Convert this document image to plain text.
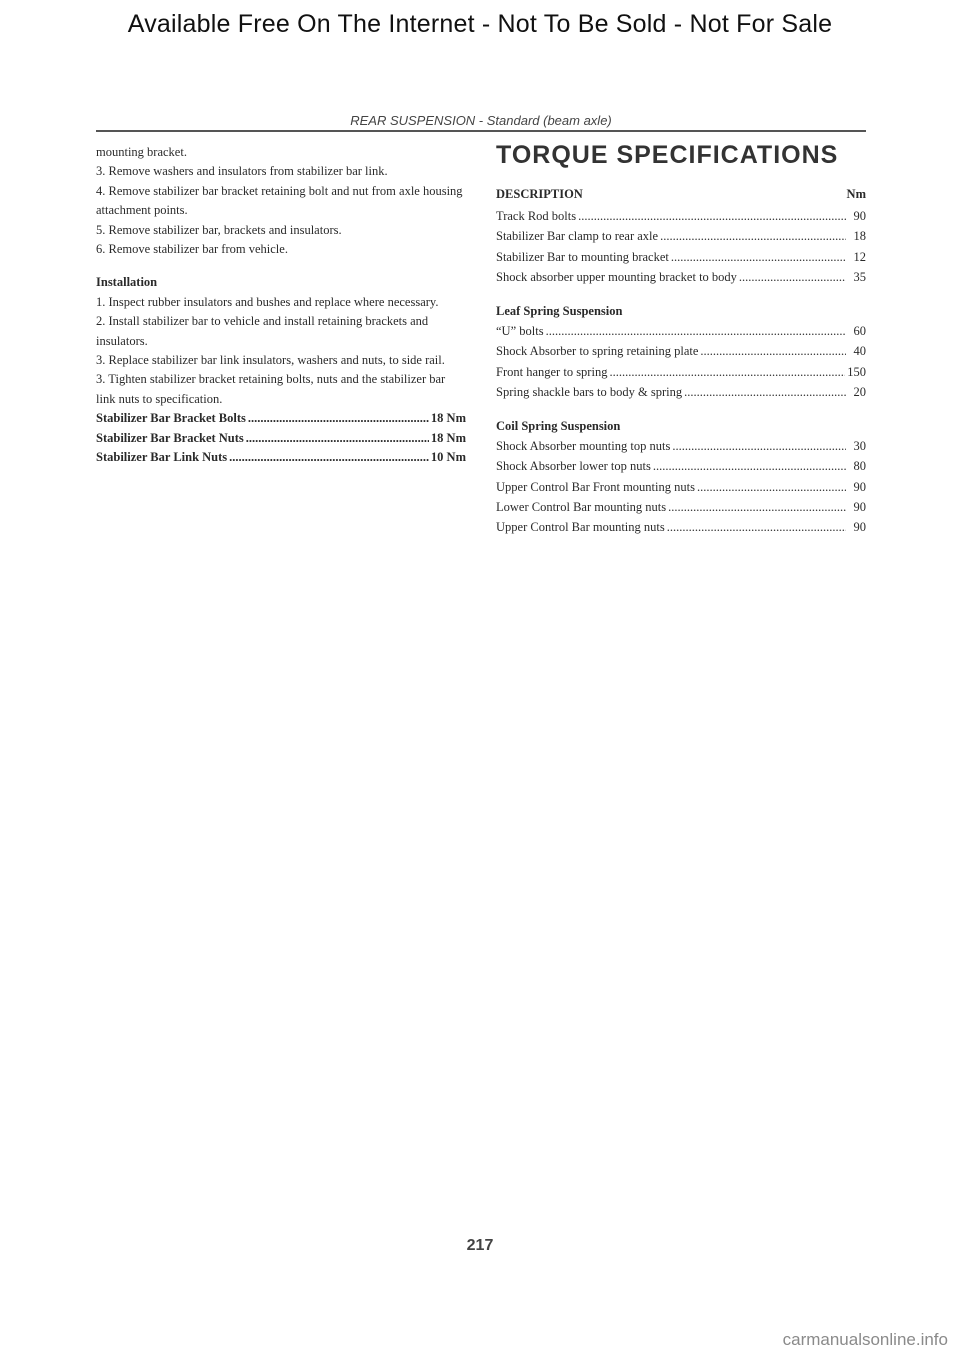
Available Free On The Internet - Not To Be Sold - Not For Sale
REAR SUSPENSION - Standard (beam axle)

mounting bracket.

3. Remove washers and insulators from stabilizer bar link.

4. Remove stabilizer bar bracket retaining bolt and nut from axle housing attachment points.

5. Remove stabilizer bar, brackets and insulators.

6. Remove stabilizer bar from vehicle.

Installation

1. Inspect rubber insulators and bushes and replace where necessary.

2. Install stabilizer bar to vehicle and install retaining brackets and insulators.

3. Replace stabilizer bar link insulators, washers and nuts, to side rail.

3. Tighten stabilizer bracket retaining bolts, nuts and the stabilizer bar link nuts to specification.

Stabilizer Bar Bracket Bolts .....	18 Nm
Stabilizer Bar Bracket Nuts .....	18 Nm
Stabilizer Bar Link Nuts .....	10 Nm
TORQUE SPECIFICATIONS
DESCRIPTION	Nm
Track Rod bolts .....	90
Stabilizer Bar clamp to rear axle .....	18
Stabilizer Bar to mounting bracket .....	12
Shock absorber upper mounting bracket to body .....	35
Leaf Spring Suspension
“U” bolts .....	60
Shock Absorber to spring retaining plate .....	40
Front hanger to spring .....	150
Spring shackle bars to body & spring .....	20
Coil Spring Suspension
Shock Absorber mounting top nuts .....	30
Shock Absorber lower top nuts .....	80
Upper Control Bar Front mounting nuts .....	90
Lower Control Bar mounting nuts .....	90
Upper Control Bar mounting nuts .....	90
217
carmanualsonline.info
